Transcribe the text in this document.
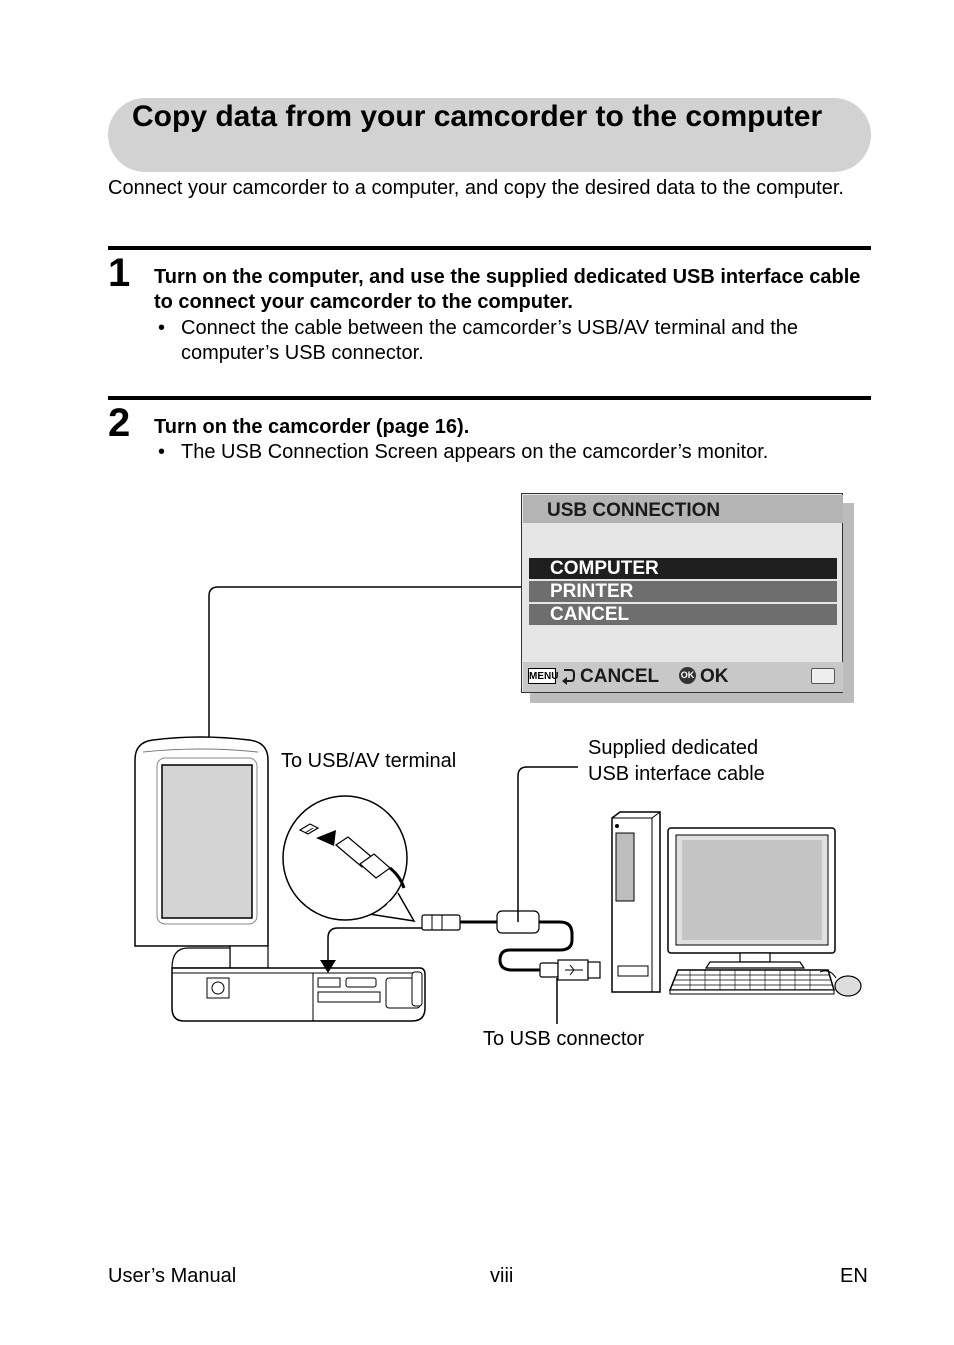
Copy data from your camcorder to the computer
Connect your camcorder to a computer, and copy the desired data to the computer.
1 Turn on the computer, and use the supplied dedicated USB interface cable to connect your camcorder to the computer.
• Connect the cable between the camcorder’s USB/AV terminal and the computer’s USB connector.
2 Turn on the camcorder (page 16).
• The USB Connection Screen appears on the camcorder’s monitor.
USB CONNECTION
COMPUTER
PRINTER
CANCEL
MENU CANCEL OK OK
To USB/AV terminal
Supplied dedicated
USB interface cable
To USB connector
User’s Manual	viii	EN
